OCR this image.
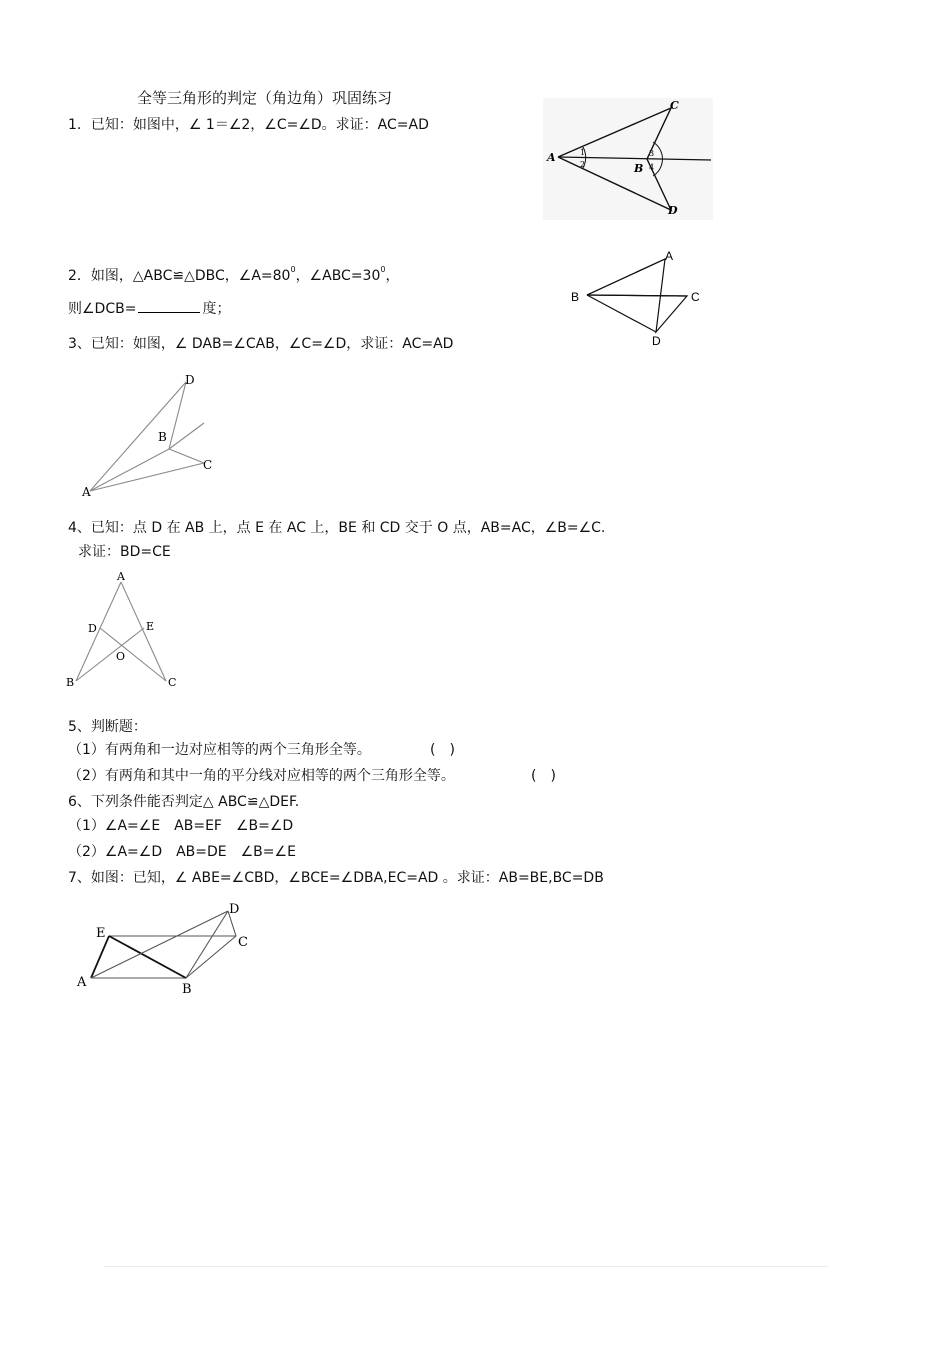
全等三角形的判定（角边角）巩固练习
1．已知：如图中，∠ 1＝∠2，∠C=∠D。求证：AC=AD
A	1
2	B
3
4
C
D
2．如图，△ABC≌△DBC，$\angle A=80^0$，$\angle ABC=30^0$，
则∠DCB=	度；
A
B	C
D
3、已知：如图，∠ DAB=∠CAB，∠C=∠D，求证：AC=AD
D
B
C
A
4、已知：点 D 在 AB 上，点 E 在 AC 上，BE 和 CD 交于 O 点，AB=AC，∠B=∠C.
求证：BD=CE
A
D	E
O
B	C
5、判断题：
（1）有两角和一边对应相等的两个三角形全等。	(　)
（2）有两角和其中一角的平分线对应相等的两个三角形全等。	(　)
6、下列条件能否判定△ ABC≌△DEF.
（1）∠A=∠E　AB=EF　∠B=∠D
（2）∠A=∠D　AB=DE　∠B=∠E
7、如图：已知，∠ ABE=∠CBD，∠BCE=∠DBA,EC=AD 。求证：AB=BE,BC=DB
E
A	B
D
C
